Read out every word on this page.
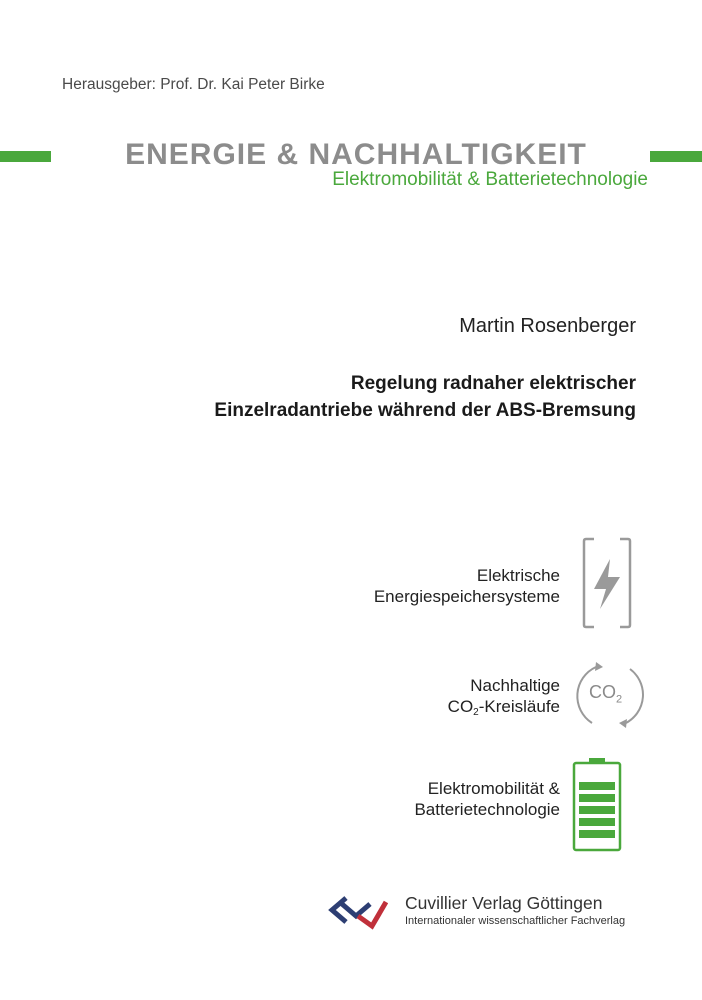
Herausgeber: Prof. Dr. Kai Peter Birke
ENERGIE & NACHHALTIGKEIT
Elektromobilität & Batterietechnologie
Martin Rosenberger
Regelung radnaher elektrischer
Einzelradantriebe während der ABS-Bremsung
Elektrische
Energiespeichersysteme
Nachhaltige
$CO_2$-Kreisläufe
$CO_2$
Elektromobilität &
Batterietechnologie
Cuvillier Verlag Göttingen
Internationaler wissenschaftlicher Fachverlag
